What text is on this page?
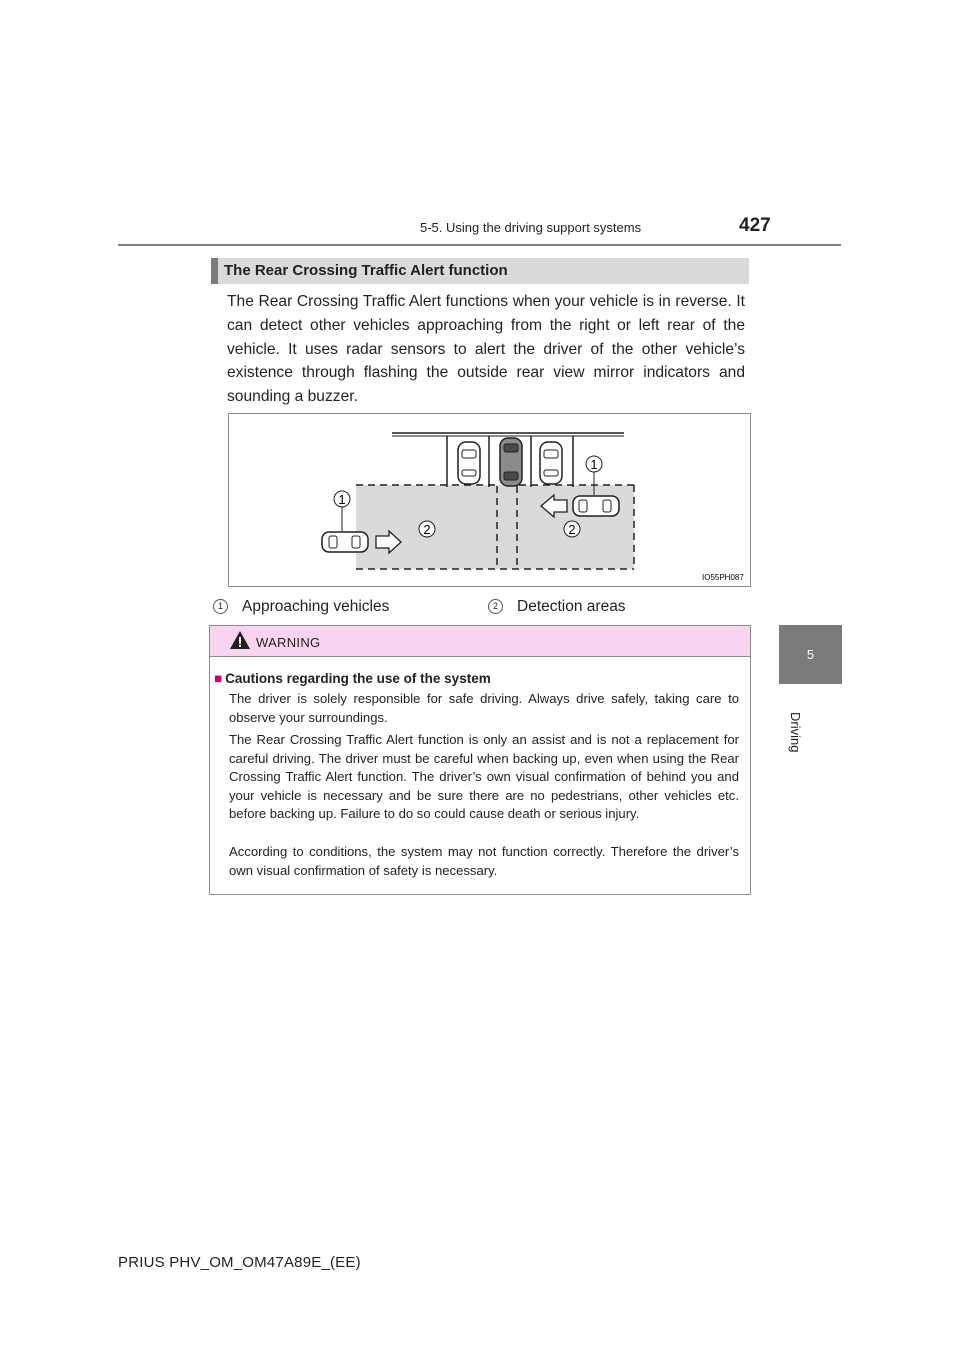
5-5. Using the driving support systems	427
5
Driving
The Rear Crossing Traffic Alert function
The Rear Crossing Traffic Alert functions when your vehicle is in reverse. It can detect other vehicles approaching from the right or left rear of the vehicle. It uses radar sensors to alert the driver of the other vehicle’s existence through flashing the outside rear view mirror indicators and sounding a buzzer.
1
1
2	2
IO55PH087
1 Approaching vehicles	2 Detection areas
WARNING
■ Cautions regarding the use of the system
The driver is solely responsible for safe driving. Always drive safely, taking care to observe your surroundings.
The Rear Crossing Traffic Alert function is only an assist and is not a replacement for careful driving. The driver must be careful when backing up, even when using the Rear Crossing Traffic Alert function. The driver’s own visual confirmation of behind you and your vehicle is necessary and be sure there are no pedestrians, other vehicles etc. before backing up. Failure to do so could cause death or serious injury.
According to conditions, the system may not function correctly. Therefore the driver’s own visual confirmation of safety is necessary.
PRIUS PHV_OM_OM47A89E_(EE)
